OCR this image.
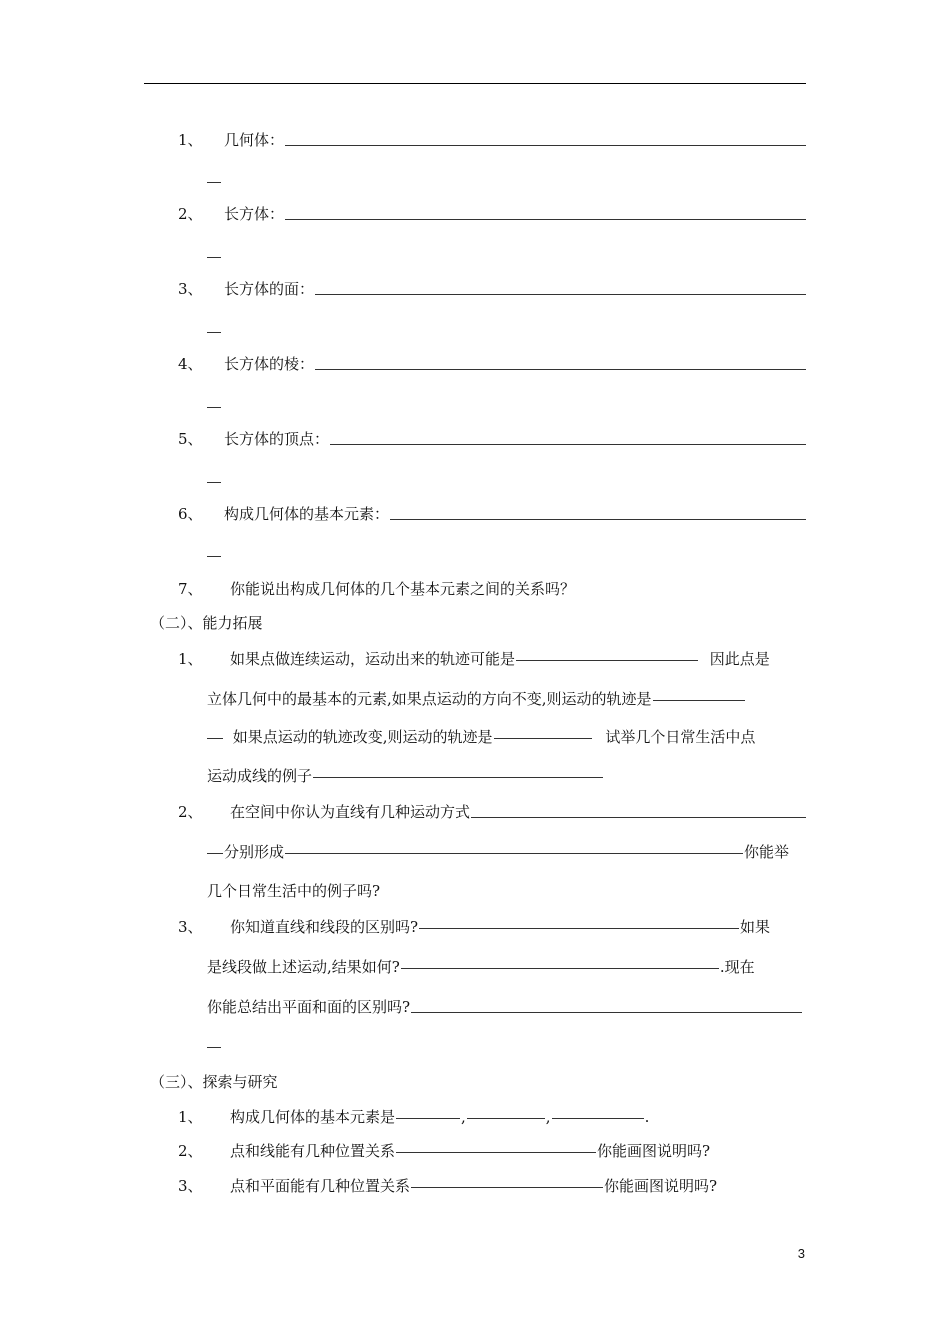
1、	几何体：
2、	长方体：
3、	长方体的面：
4、	长方体的棱：
5、	长方体的顶点：
6、	构成几何体的基本元素：
7、	你能说出构成几何体的几个基本元素之间的关系吗？
（二）、能力拓展
1、	如果点做连续运动，运动出来的轨迹可能是	因此点是
立体几何中的最基本的元素,如果点运动的方向不变,则运动的轨迹是
如果点运动的轨迹改变,则运动的轨迹是	试举几个日常生活中点
运动成线的例子
2、	在空间中你认为直线有几种运动方式
分别形成	你能举
几个日常生活中的例子吗?
3、	你知道直线和线段的区别吗?	如果
是线段做上述运动,结果如何?	.现在
你能总结出平面和面的区别吗?
（三）、探索与研究
1、	构成几何体的基本元素是	,	,	.
2、	点和线能有几种位置关系	你能画图说明吗?
3、	点和平面能有几种位置关系	你能画图说明吗?
3
